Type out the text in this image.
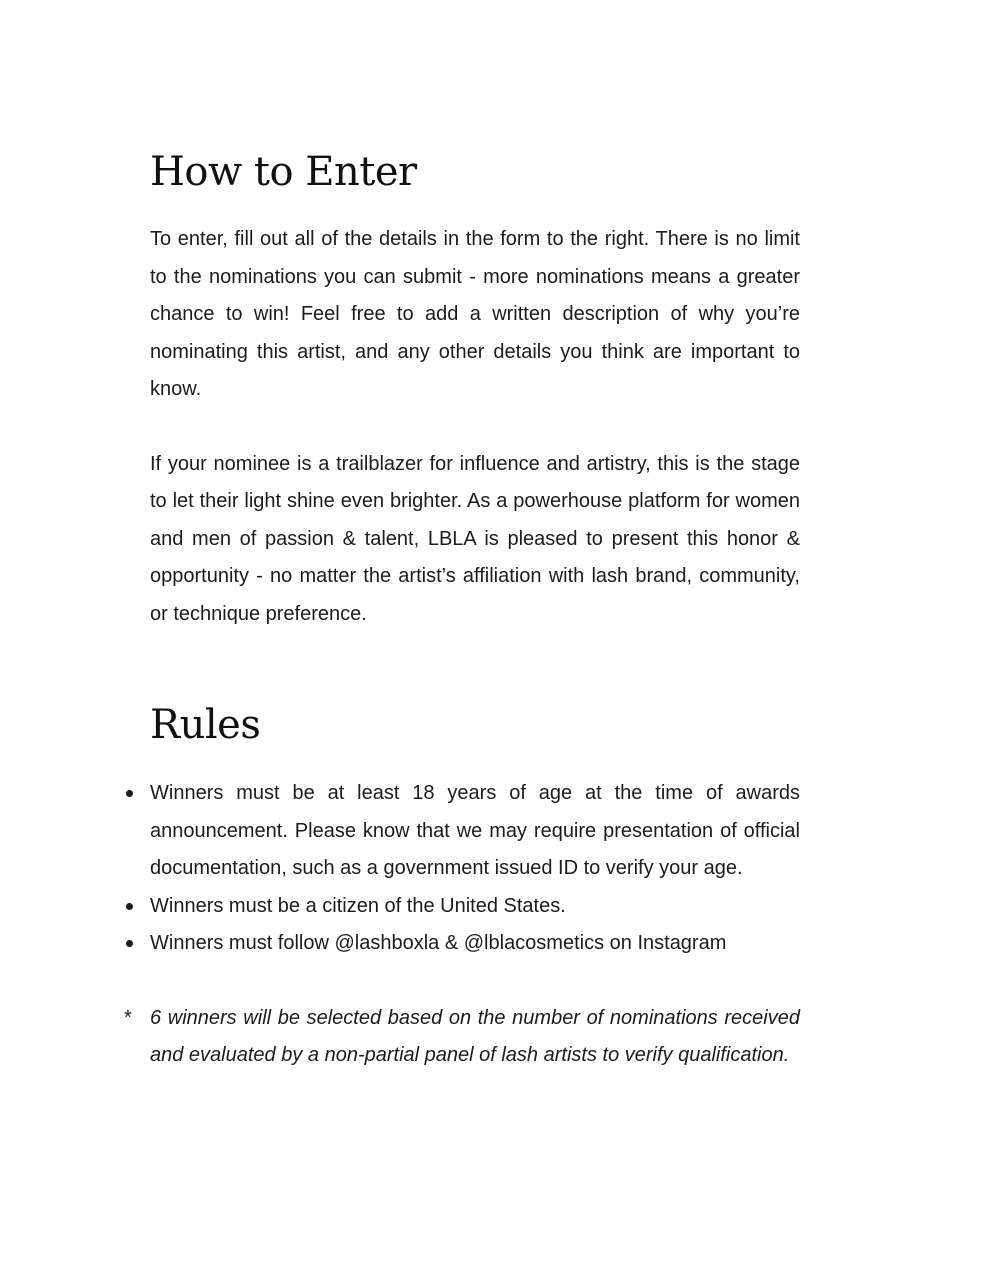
How to Enter

To enter, fill out all of the details in the form to the right. There is no limit to the nominations you can submit - more nominations means a greater chance to win! Feel free to add a written description of why you’re nominating this artist, and any other details you think are important to know.

If your nominee is a trailblazer for influence and artistry, this is the stage to let their light shine even brighter. As a powerhouse platform for women and men of passion & talent, LBLA is pleased to present this honor & opportunity - no matter the artist’s affiliation with lash brand, community, or technique preference.

Rules
Winners must be at least 18 years of age at the time of awards announcement. Please know that we may require presentation of official documentation, such as a government issued ID to verify your age.
Winners must be a citizen of the United States.
Winners must follow @lashboxla & @lblacosmetics on Instagram

* 6 winners will be selected based on the number of nominations received and evaluated by a non-partial panel of lash artists to verify qualification.
